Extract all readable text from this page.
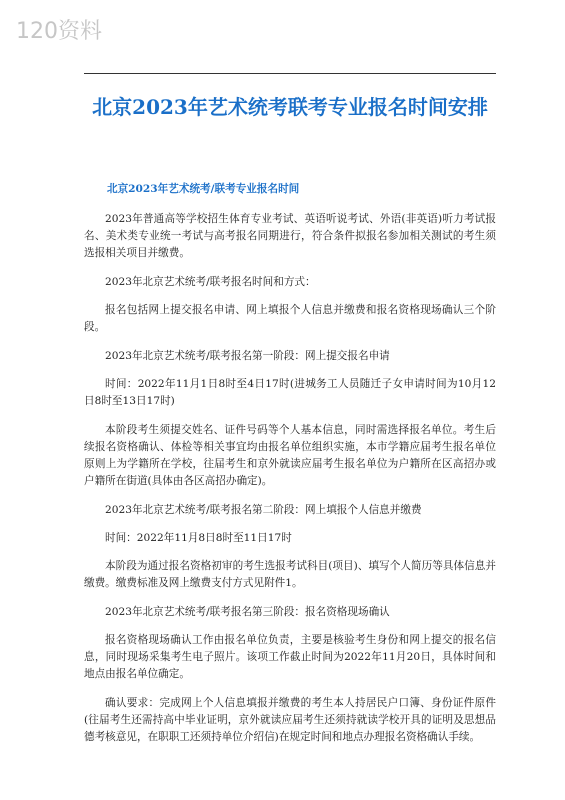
120资料
北京2023年艺术统考联考专业报名时间安排
北京2023年艺术统考/联考专业报名时间

2023年普通高等学校招生体育专业考试、英语听说考试、外语(非英语)听力考试报名、美术类专业统一考试与高考报名同期进行，符合条件拟报名参加相关测试的考生须选报相关项目并缴费。

2023年北京艺术统考/联考报名时间和方式：

报名包括网上提交报名申请、网上填报个人信息并缴费和报名资格现场确认三个阶段。

2023年北京艺术统考/联考报名第一阶段：网上提交报名申请

时间：2022年11月1日8时至4日17时(进城务工人员随迁子女申请时间为10月12日8时至13日17时)

本阶段考生须提交姓名、证件号码等个人基本信息，同时需选择报名单位。考生后续报名资格确认、体检等相关事宜均由报名单位组织实施，本市学籍应届考生报名单位原则上为学籍所在学校，往届考生和京外就读应届考生报名单位为户籍所在区高招办或户籍所在街道(具体由各区高招办确定)。

2023年北京艺术统考/联考报名第二阶段：网上填报个人信息并缴费

时间：2022年11月8日8时至11日17时

本阶段为通过报名资格初审的考生选报考试科目(项目)、填写个人简历等具体信息并缴费。缴费标准及网上缴费支付方式见附件1。

2023年北京艺术统考/联考报名第三阶段：报名资格现场确认

报名资格现场确认工作由报名单位负责，主要是核验考生身份和网上提交的报名信息，同时现场采集考生电子照片。该项工作截止时间为2022年11月20日，具体时间和地点由报名单位确定。

确认要求：完成网上个人信息填报并缴费的考生本人持居民户口簿、身份证件原件(往届考生还需持高中毕业证明，京外就读应届考生还须持就读学校开具的证明及思想品德考核意见，在职职工还须持单位介绍信)在规定时间和地点办理报名资格确认手续。
